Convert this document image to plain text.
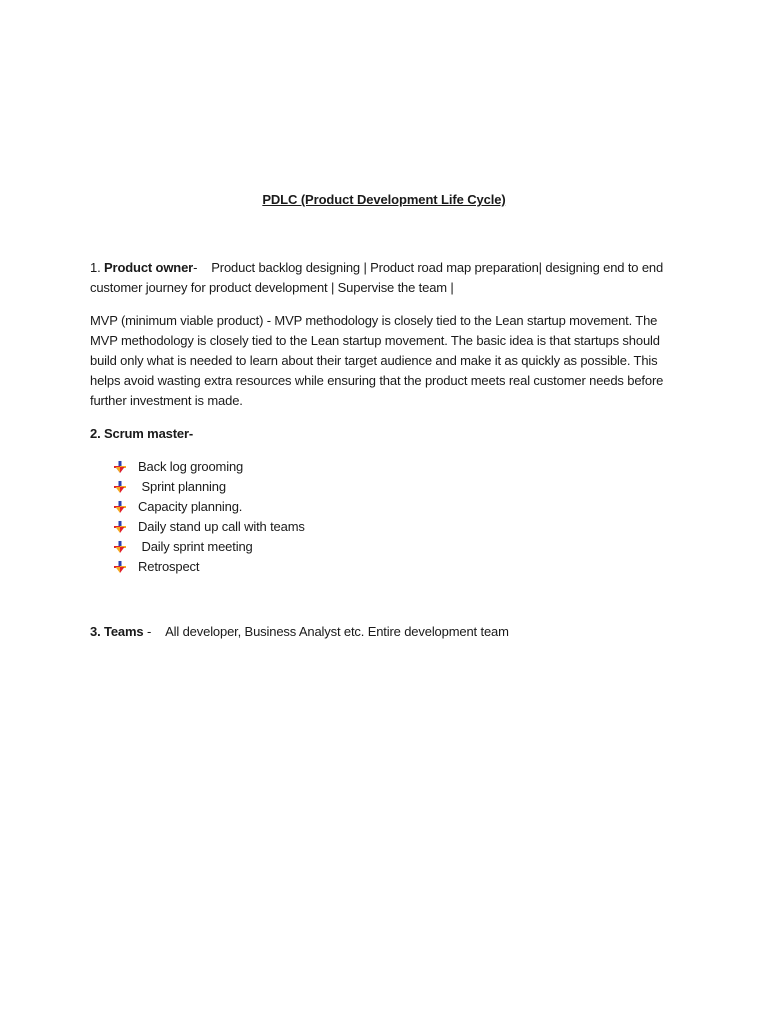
PDLC (Product Development Life Cycle)
1. Product owner- Product backlog designing | Product road map preparation| designing end to end customer journey for product development | Supervise the team |
MVP (minimum viable product) - MVP methodology is closely tied to the Lean startup movement. The MVP methodology is closely tied to the Lean startup movement. The basic idea is that startups should build only what is needed to learn about their target audience and make it as quickly as possible. This helps avoid wasting extra resources while ensuring that the product meets real customer needs before further investment is made.
2. Scrum master-
Back log grooming
Sprint planning
Capacity planning.
Daily stand up call with teams
Daily sprint meeting
Retrospect
3. Teams - All developer, Business Analyst etc. Entire development team
